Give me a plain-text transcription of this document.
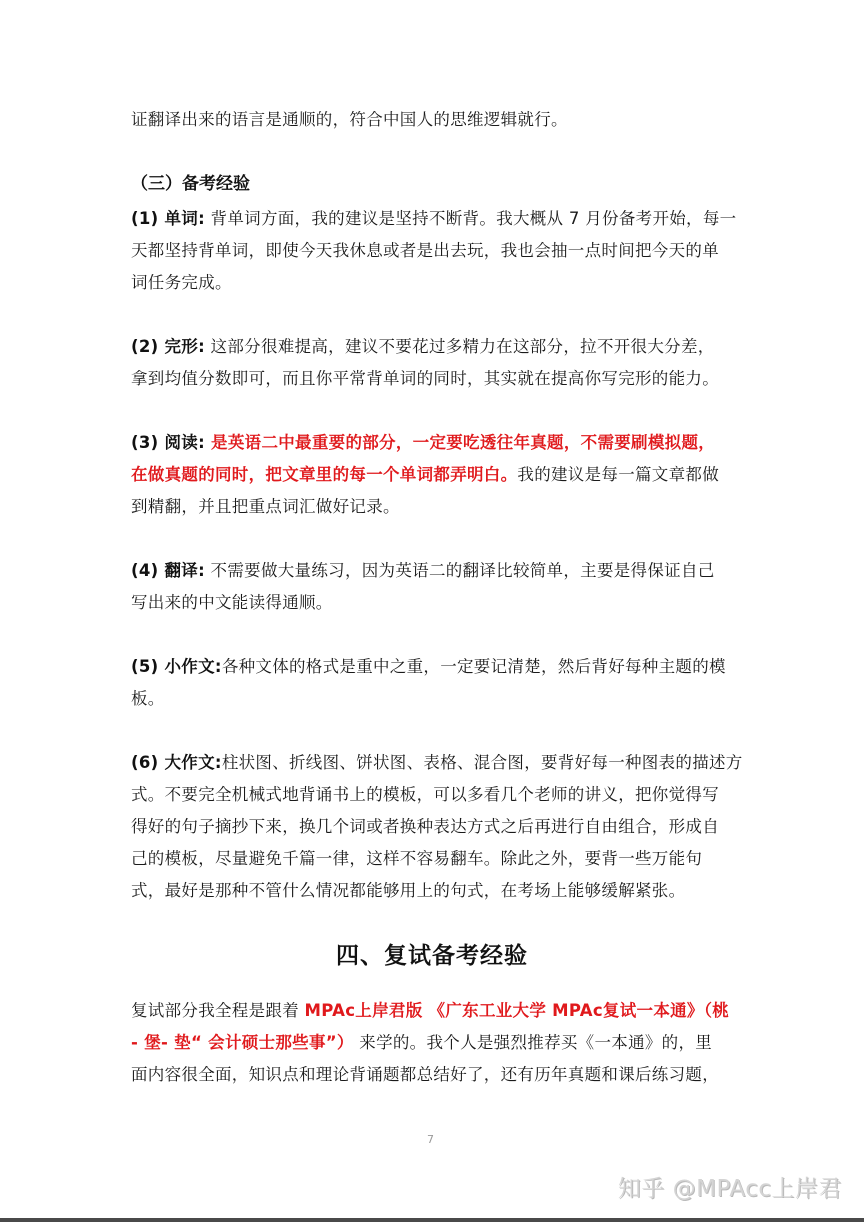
证翻译出来的语言是通顺的，符合中国人的思维逻辑就行。
（三）备考经验
(1) 单词: 背单词方面，我的建议是坚持不断背。我大概从 7 月份备考开始，每一
天都坚持背单词，即使今天我休息或者是出去玩，我也会抽一点时间把今天的单
词任务完成。
(2) 完形: 这部分很难提高，建议不要花过多精力在这部分，拉不开很大分差，
拿到均值分数即可，而且你平常背单词的同时，其实就在提高你写完形的能力。
(3) 阅读: 是英语二中最重要的部分，一定要吃透往年真题，不需要刷模拟题，
在做真题的同时，把文章里的每一个单词都弄明白。我的建议是每一篇文章都做
到精翻，并且把重点词汇做好记录。
(4) 翻译: 不需要做大量练习，因为英语二的翻译比较简单，主要是得保证自己
写出来的中文能读得通顺。
(5) 小作文:各种文体的格式是重中之重，一定要记清楚，然后背好每种主题的模
板。
(6) 大作文:柱状图、折线图、饼状图、表格、混合图，要背好每一种图表的描述方
式。不要完全机械式地背诵书上的模板，可以多看几个老师的讲义，把你觉得写
得好的句子摘抄下来，换几个词或者换种表达方式之后再进行自由组合，形成自
己的模板，尽量避免千篇一律，这样不容易翻车。除此之外，要背一些万能句
式，最好是那种不管什么情况都能够用上的句式，在考场上能够缓解紧张。
四、复试备考经验
复试部分我全程是跟着 MPAc上岸君版 《广东工业大学 MPAc复试一本通》（桃
- 堡- 垫“ 会计硕士那些事”） 来学的。我个人是强烈推荐买《一本通》的，里
面内容很全面，知识点和理论背诵题都总结好了，还有历年真题和课后练习题，
7
知乎 @MPAcc上岸君
